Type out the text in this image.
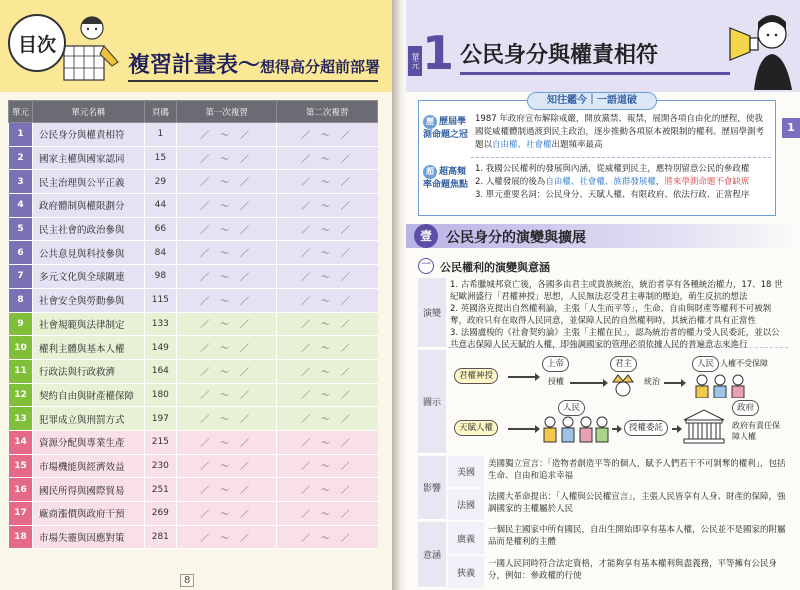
目次
複習計畫表～想得高分超前部署
單元	單元名稱	頁碼	第一次複習	第二次複習
1	公民身分與權責相符	1	／ ～ ／	／ ～ ／
2	國家主權與國家認同	15	／ ～ ／	／ ～ ／
3	民主治理與公平正義	29	／ ～ ／	／ ～ ／
4	政府體制與權限劃分	44	／ ～ ／	／ ～ ／
5	民主社會的政治參與	66	／ ～ ／	／ ～ ／
6	公共意見與科技參與	84	／ ～ ／	／ ～ ／
7	多元文化與全球關連	98	／ ～ ／	／ ～ ／
8	社會安全與勞動參與	115	／ ～ ／	／ ～ ／
9	社會規範與法律制定	133	／ ～ ／	／ ～ ／
10	權利主體與基本人權	149	／ ～ ／	／ ～ ／
11	行政法與行政救濟	164	／ ～ ／	／ ～ ／
12	契約自由與財產權保障	180	／ ～ ／	／ ～ ／
13	犯罪成立與刑罰方式	197	／ ～ ／	／ ～ ／
14	資源分配與專業生產	215	／ ～ ／	／ ～ ／
15	市場機能與經濟效益	230	／ ～ ／	／ ～ ／
16	國民所得與國際貿易	251	／ ～ ／	／ ～ ／
17	廠商漲價與政府干預	269	／ ～ ／	／ ～ ／
18	市場失靈與因應對策	281	／ ～ ／	／ ～ ／
8
單元 1 公民身分與權責相符
1
知往鑑今｜一語道破
歷 歷屆學測命題之冠
1987 年政府宣布解除戒嚴，開放黨禁、報禁，展開各項自由化的歷程，使我國從威權體制過渡到民主政治，逐步推動各項原本被限制的權利。歷屆學測考題以自由權、社會權出題頻率最高
超 超高頻率命題焦點
1. 我國公民權利的發展與內涵，從威權到民主，應特別留意公民的參政權
2. 人權發展的後為自由權、社會權、族群發展權，將來學測命題不會缺席
3. 單元重要名詞：公民身分、天賦人權、有限政府、依法行政、正當程序
壹	公民身分的演變與擴展
一 公民權利的演變與意涵
演變
1. 古希臘城邦衰亡後，各國多由君主或貴族統治，統治者享有各種統治權力，17、18 世紀歐洲盛行「君權神授」思想，人民無法忍受君主專制的壓迫，萌生反抗的想法
2. 英國洛克提出自然權利論，主張「人生而平等」，生命、自由與財產等權利不可被剝奪，政府只有在取得人民同意，並保障人民的自然權利時，其統治權才具有正當性
3. 法國盧梭的《社會契約論》主張「主權在民」，認為統治者的權力受人民委託，並以公共意志保障人民天賦的人權，即強調國家的管理必須依據人民的普遍意志來進行
圖示
君權神授
上帝
授權
君主
統治
人民 人權不受保障
天賦人權
人民
授權委託
政府
政府有責任保障人權
影響
美國
美國獨立宣言：「造物者創造平等的個人，賦予人們若干不可剝奪的權利」，包括生命、自由和追求幸福
法國
法國大革命提出：「人權與公民權宣言」，主張人民皆享有人身、財產的保障，強調國家的主權屬於人民
意涵
廣義
一個民主國家中所有國民，自出生開始即享有基本人權，公民並不是國家的附屬品而是權利的主體
狹義
一國人民同時符合法定資格，才能夠享有基本權利與盡義務，平等擁有公民身分，例如：參政權的行使
